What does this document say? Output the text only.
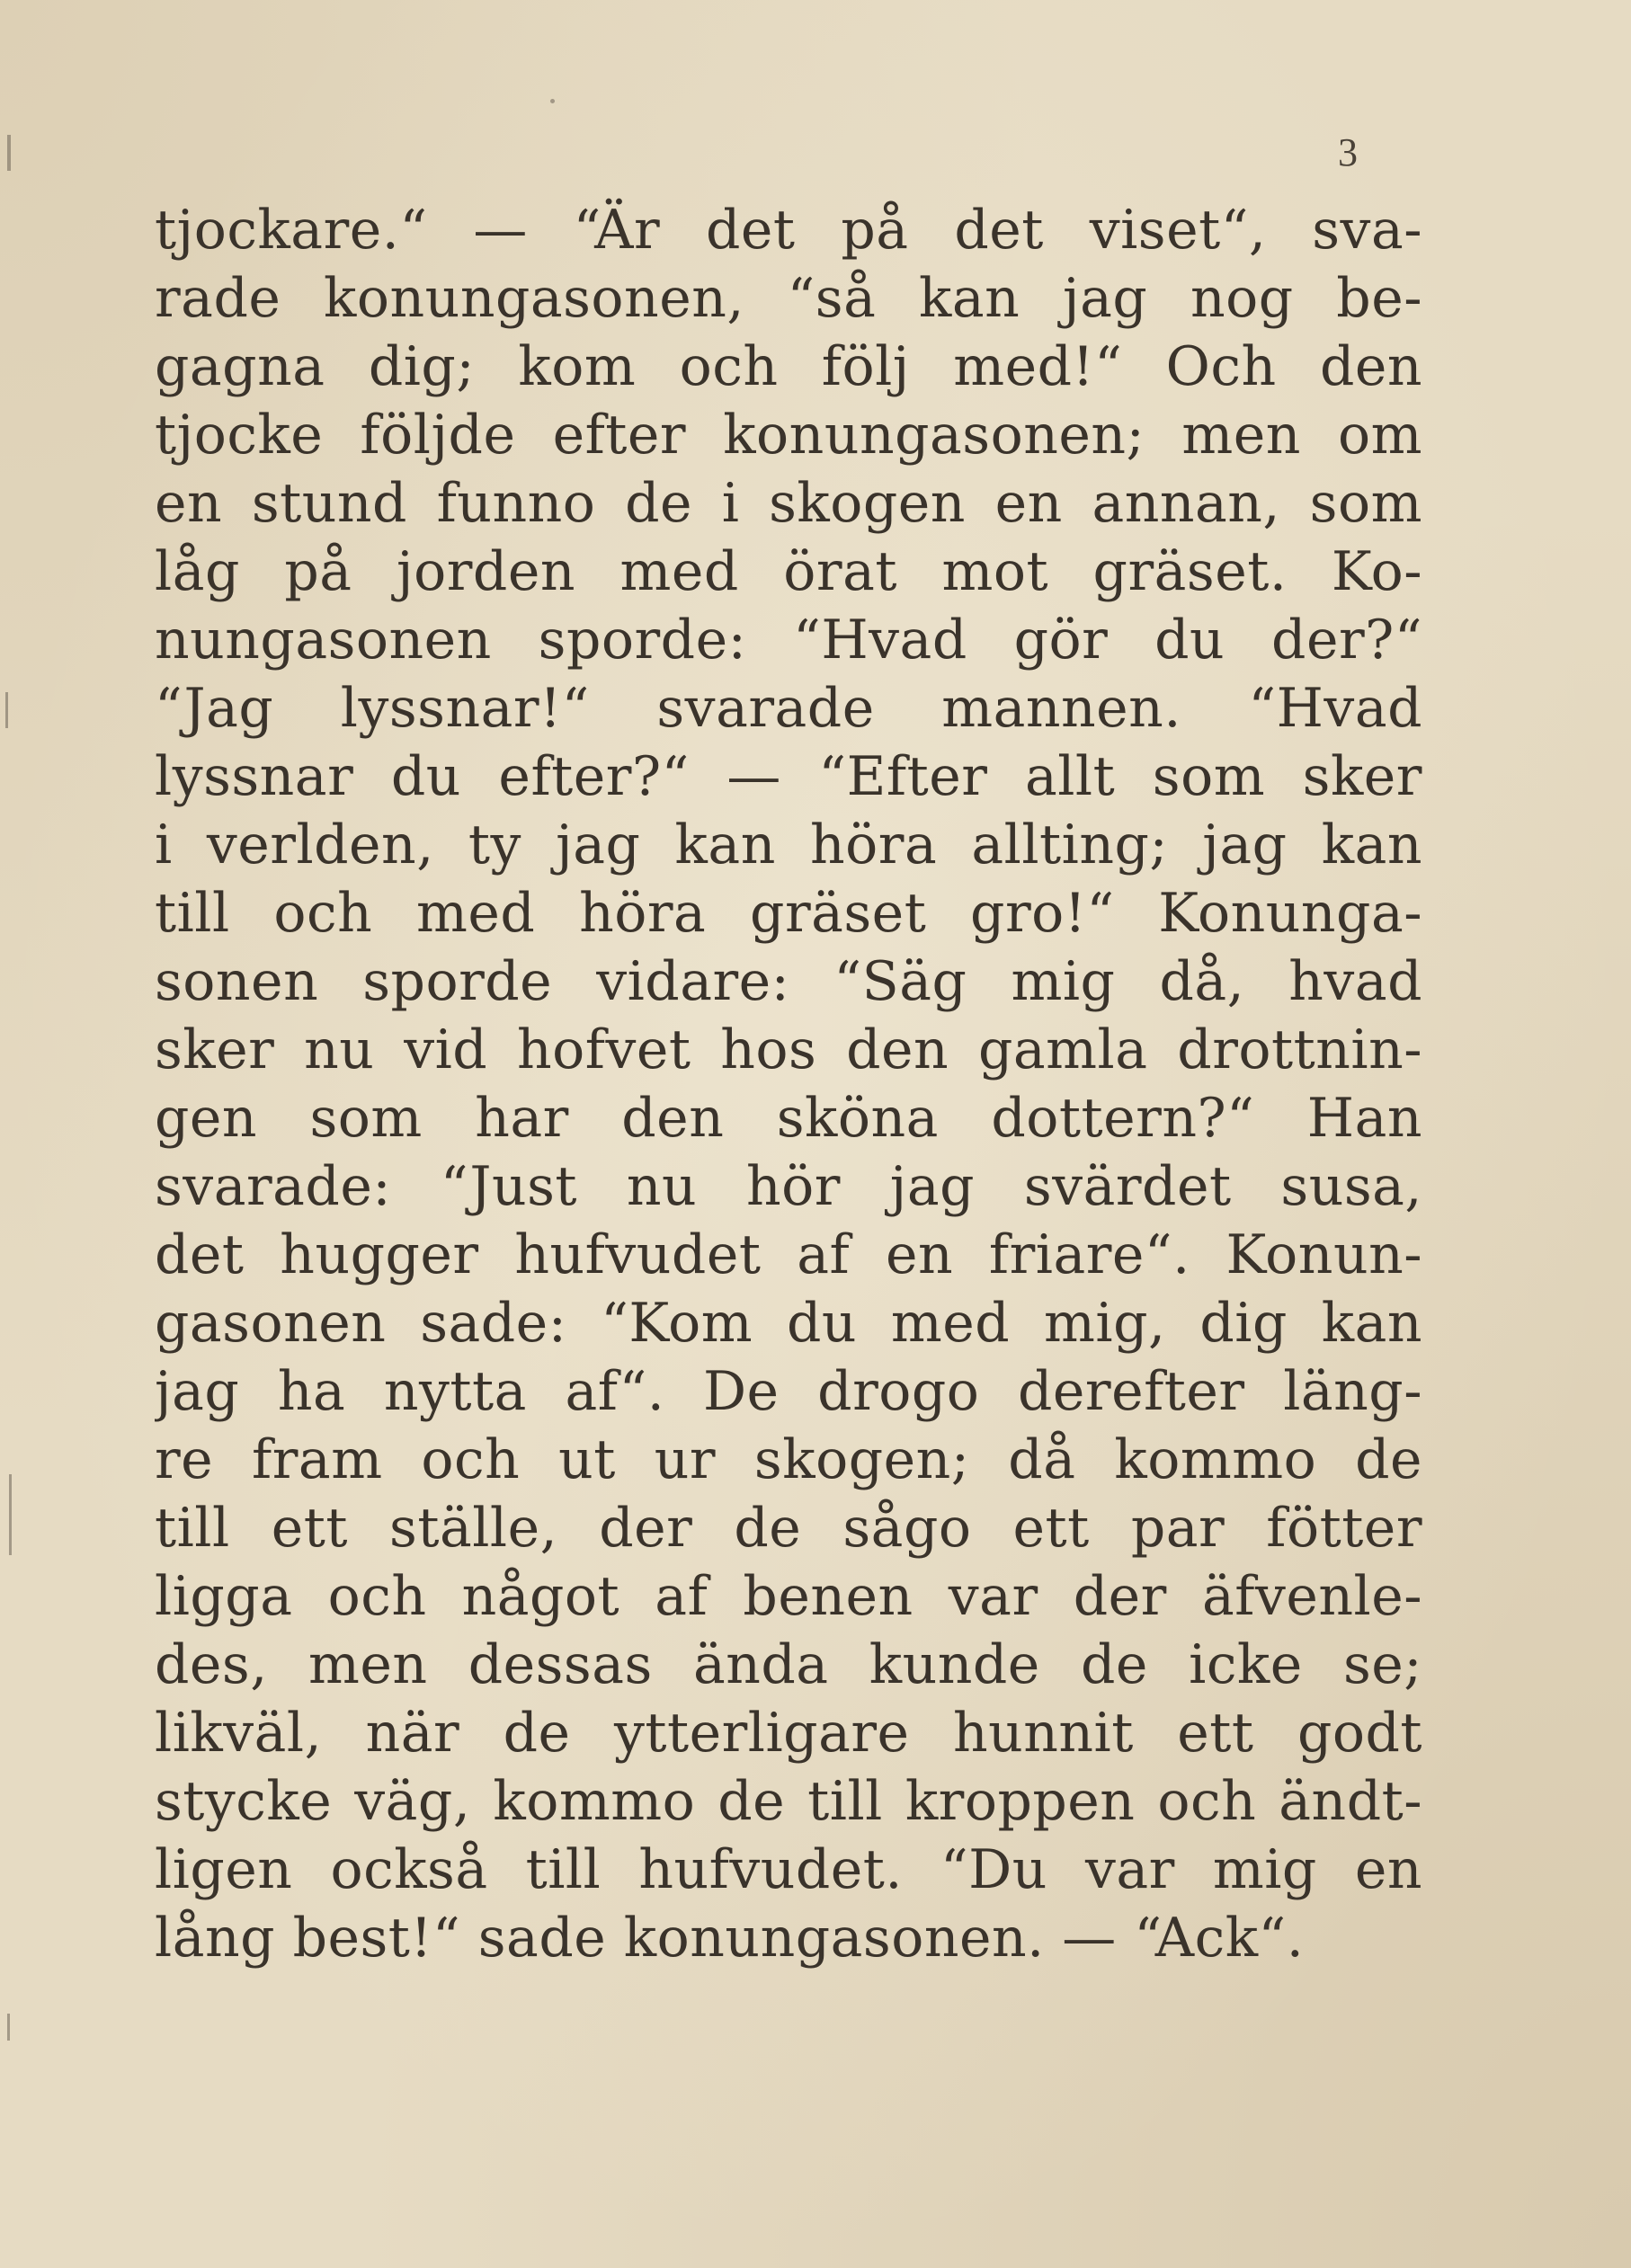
3
tjockare.“ — “Är det på det viset“, sva-
rade konungasonen, “så kan jag nog be-
gagna dig; kom och följ med!“ Och den
tjocke följde efter konungasonen; men om
en stund funno de i skogen en annan, som
låg på jorden med örat mot gräset. Ko-
nungasonen sporde: “Hvad gör du der?“
“Jag lyssnar!“ svarade mannen. “Hvad
lyssnar du efter?“ — “Efter allt som sker
i verlden, ty jag kan höra allting; jag kan
till och med höra gräset gro!“ Konunga-
sonen sporde vidare: “Säg mig då, hvad
sker nu vid hofvet hos den gamla drottnin-
gen som har den sköna dottern?“ Han
svarade: “Just nu hör jag svärdet susa,
det hugger hufvudet af en friare“. Konun-
gasonen sade: “Kom du med mig, dig kan
jag ha nytta af“. De drogo derefter läng-
re fram och ut ur skogen; då kommo de
till ett ställe, der de sågo ett par fötter
ligga och något af benen var der äfvenle-
des, men dessas ända kunde de icke se;
likväl, när de ytterligare hunnit ett godt
stycke väg, kommo de till kroppen och ändt-
ligen också till hufvudet. “Du var mig en
lång best!“ sade konungasonen. — “Ack“.
